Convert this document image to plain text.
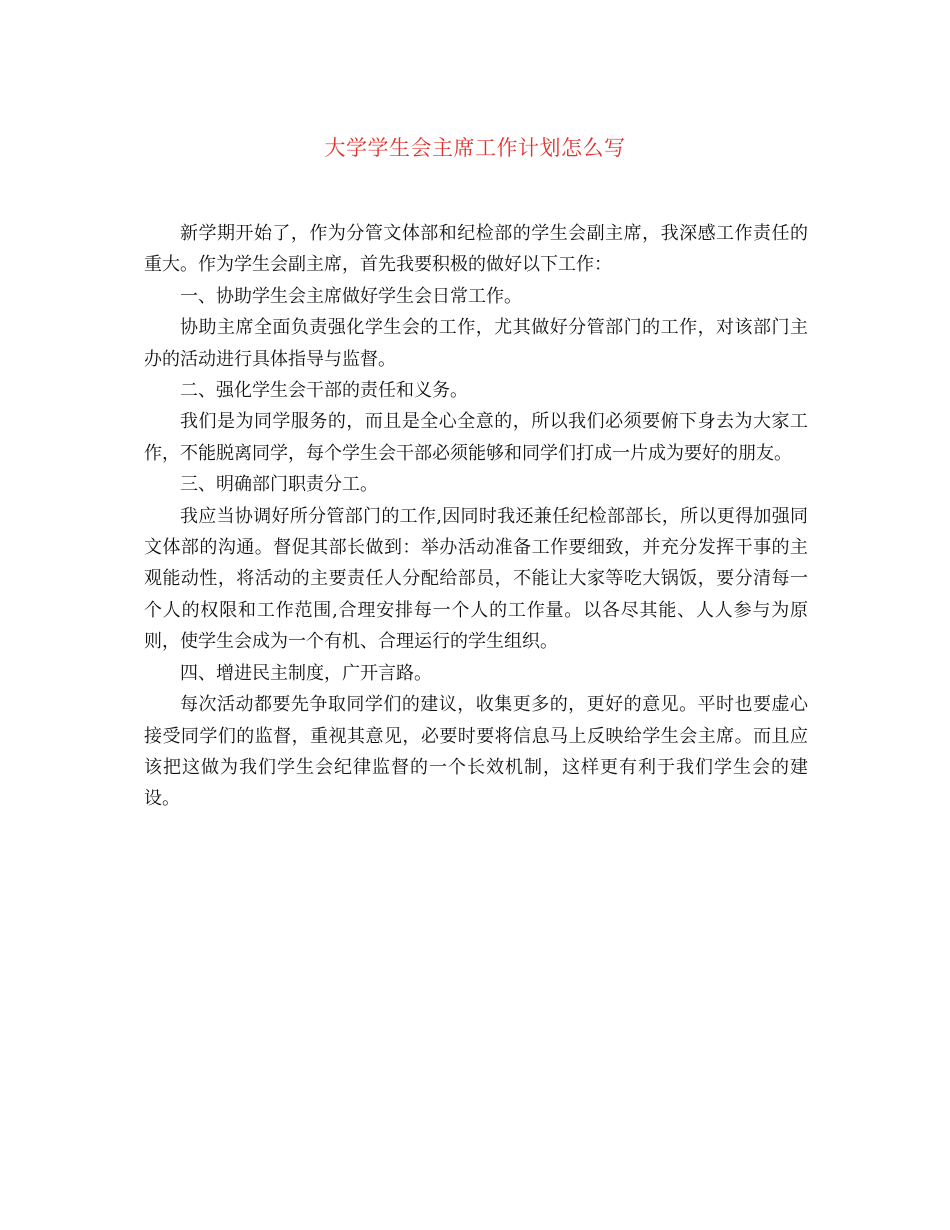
大学学生会主席工作计划怎么写

新学期开始了，作为分管文体部和纪检部的学生会副主席，我深感工作责任的重大。作为学生会副主席，首先我要积极的做好以下工作：

一、协助学生会主席做好学生会日常工作。

协助主席全面负责强化学生会的工作，尤其做好分管部门的工作，对该部门主办的活动进行具体指导与监督。

二、强化学生会干部的责任和义务。

我们是为同学服务的，而且是全心全意的，所以我们必须要俯下身去为大家工作，不能脱离同学，每个学生会干部必须能够和同学们打成一片成为要好的朋友。

三、明确部门职责分工。

我应当协调好所分管部门的工作,因同时我还兼任纪检部部长，所以更得加强同文体部的沟通。督促其部长做到：举办活动准备工作要细致，并充分发挥干事的主观能动性，将活动的主要责任人分配给部员，不能让大家等吃大锅饭，要分清每一个人的权限和工作范围,合理安排每一个人的工作量。以各尽其能、人人参与为原则，使学生会成为一个有机、合理运行的学生组织。

四、增进民主制度，广开言路。

每次活动都要先争取同学们的建议，收集更多的，更好的意见。平时也要虚心接受同学们的监督，重视其意见，必要时要将信息马上反映给学生会主席。而且应该把这做为我们学生会纪律监督的一个长效机制，这样更有利于我们学生会的建设。
